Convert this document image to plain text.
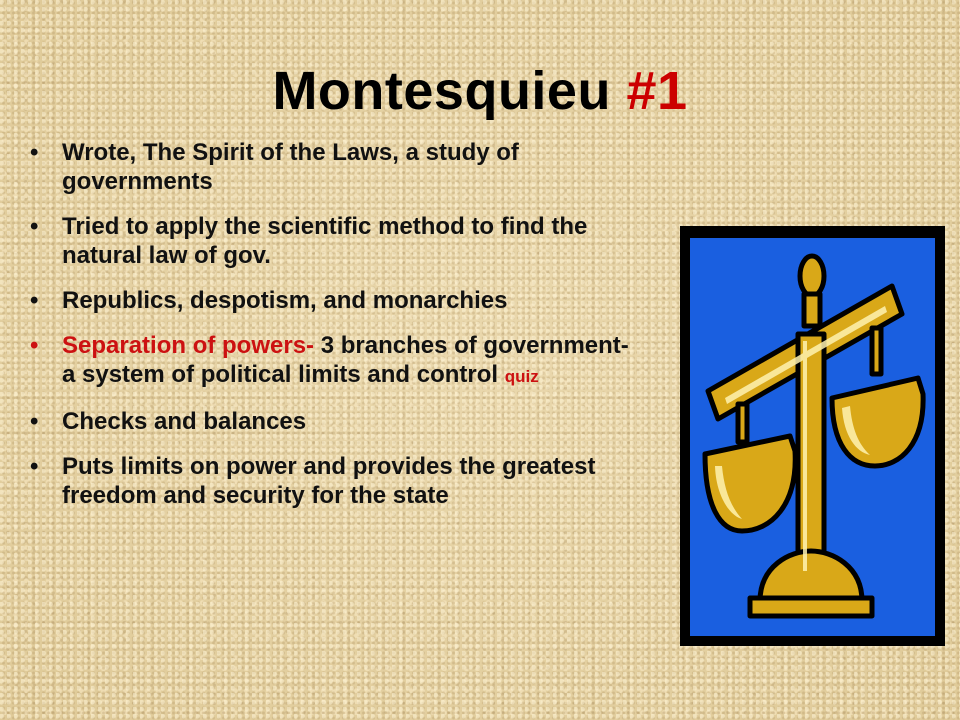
Montesquieu #1
• Wrote, The Spirit of the Laws, a study of governments
• Tried to apply the scientific method to find the natural law of gov.
• Republics, despotism, and monarchies
• Separation of powers- 3 branches of government- a system of political limits and control quiz
• Checks and balances
• Puts limits on power and provides the greatest freedom and security for the state
